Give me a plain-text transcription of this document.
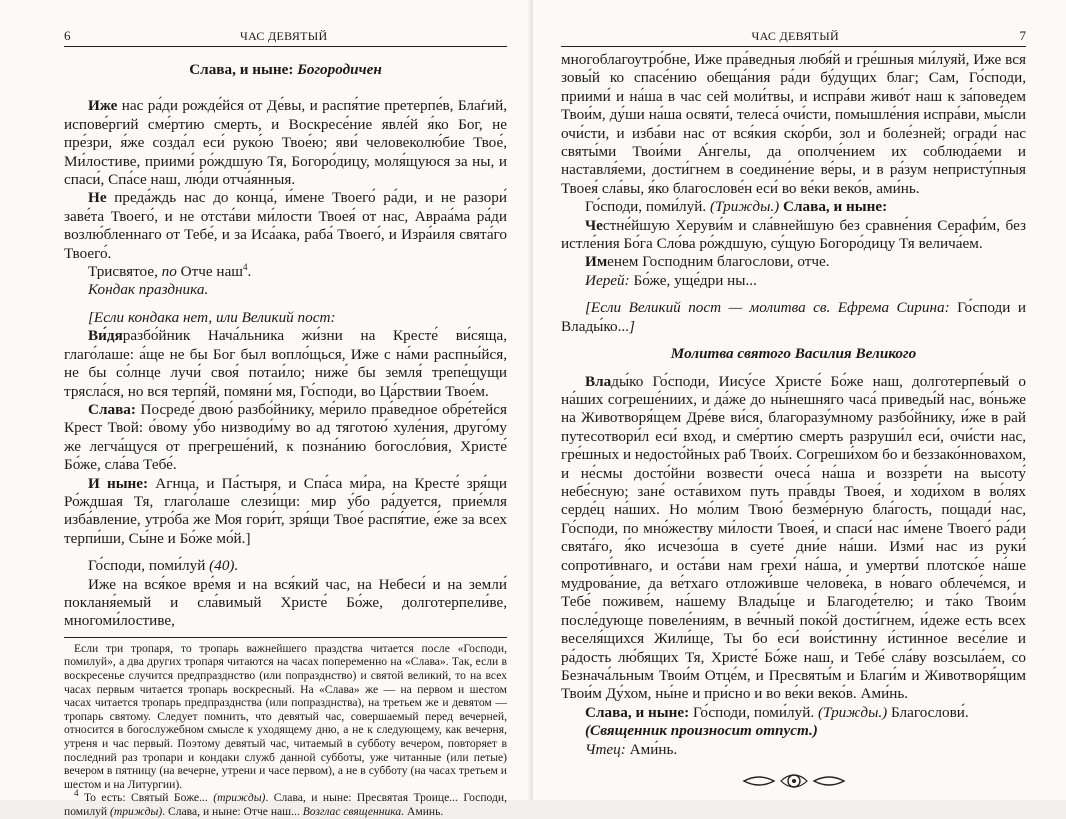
6	ЧАС ДЕВЯТЫЙ

Слава, и ныне: Богородичен

Иже нас ра́ди рожде́йся от Де́вы, и распя́тие претерпе́в, Блаѓий, испове́ргий сме́ртию смерть, и Воскресе́ние явле́й я́ко Бог, не пре́зри, я́же созда́л еси́ руко́ю Твое́ю; яви́ человеколю́бие Твое́, Ми́лостиве, приими́ ро́ждшую Тя, Богоро́дицу, моля́щуюся за ны, и спаси́, Спа́се наш, лю́ди отча́янныя.

Не преда́ждь нас до конца́, и́мене Твоего́ ра́ди, и не разори́ заве́та Твоего́, и не отста́ви ми́лости Твоея́ от нас, Авраа́ма ра́ди возлю́бленнаго от Тебе́, и за Иса́ака, раба́ Твоего́, и Изра́иля свята́го Твоего́.

Трисвятое, по Отче наш$^4$.

Кондак праздника.

[Если кондака нет, или Великий пост:

Ви́дяразбо́йник Нача́льника жи́зни на Кресте́ ви́сяща, глаго́лаше: а́ще не бы Бог был вопло́щься, Иже с на́ми распны́йся, не бы со́лнце лучи́ своя́ потаи́ло; ниже́ бы земля́ трепе́щущи трясла́ся, но вся терпя́й, помяни́ мя, Го́споди, во Ца́рствии Твое́м.

Слава: Посреде́ двою́ разбо́йнику, ме́рило пра́ведное обре́тейся Крест Твой: о́вому у́бо низводи́му во ад тяготою́ хуле́ния, друго́му же легча́щуся от прегреше́ний, к позна́нию богосло́вия, Христе́ Бо́же, сла́ва Тебе́.

И ныне: Агнца, и Па́стыря, и Спа́са ми́ра, на Кресте́ зря́щи Ро́ждшая Тя, глаго́лаше слези́щи: мир у́бо ра́дуется, прие́мля изба́вление, утро́ба же Моя гори́т, зря́щи Твое́ распя́тие, е́же за всех терпи́ши, Сы́не и Бо́же мо́й.]

Го́споди, поми́луй (40).

Иже на вся́кое вре́мя и на вся́кий час, на Небеси́ и на земли́ покланя́емый и сла́вимый Христе́ Бо́же, долготерпели́ве, многоми́лостиве,

Если три тропаря, то тропарь важнейшего праздства читается после «Господи, помилуй», а два других тропаря читаются на часах попеременно на «Слава». Так, если в воскресенье случится предпразднство (или попразднство) и святой великий, то на всех часах первым читается тропарь воскресный. На «Слава» же — на первом и шестом часах читается тропарь предпразднства (или попразднства), на третьем же и девятом — тропарь святому. Следует помнить, что девятый час, совершаемый перед вечерней, относится в богослужебном смысле к уходящему дню, а не к следующему, как вечерня, утреня и час первый. Поэтому девятый час, читаемый в субботу вечером, повторяет в последний раз тропари и кондаки служб данной субботы, уже читанные (или петые) вечером в пятницу (на вечерне, утрени и часе первом), а не в субботу (на часах третьем и шестом и на Литургии).

$^4$ То есть: Святый Боже... (трижды). Слава, и ныне: Пресвятая Троице... Господи, помилуй (трижды). Слава, и ныне: Отче наш... Возглас священника. Аминь.

ЧАС ДЕВЯТЫЙ	7

многоблагоутро́бне, Иже пра́ведныя любя́й и гре́шныя ми́луяй, Иже вся зовы́й ко спасе́нию обеща́ния ра́ди бу́дущих благ; Сам, Го́споди, приими́ и на́ша в час сей моли́твы, и испра́ви живо́т наш к за́поведем Твои́м, ду́ши на́ша освяти́, телеса́ очи́сти, помышле́ния испра́ви, мы́сли очи́сти, и изба́ви нас от вся́кия ско́рби, зол и боле́зней; огради́ нас святы́ми Твои́ми А́нгелы, да ополче́нием их соблюда́еми и наставля́еми, дости́гнем в соедине́ние ве́ры, и в ра́зум непристу́пныя Твоея́ сла́вы, я́ко благослове́н еси́ во ве́ки веко́в, ами́нь.

Го́споди, поми́луй. (Трижды.) Слава, и ныне:

Честне́йшую Херуви́м и сла́внейшую без сравне́ния Серафи́м, без истле́ния Бо́га Сло́ва ро́ждшую, су́щую Богоро́дицу Тя велича́ем.

Именем Господним благослови, отче.

Иерей: Бо́же, уще́дри ны...

[Если Великий пост — молитва св. Ефрема Сирина: Го́споди и Влады́ко...]

Молитва святого Василия Великого

Влады́ко Го́споди, Иису́се Христе́ Бо́же наш, долготерпе́вый о на́ших согреше́ниих, и да́же до ны́нешняго часа́ приведы́й нас, во́ньже на Животворя́щем Дре́ве ви́ся, благоразу́мному разбо́йнику, и́же в рай путесотвори́л еси́ вход, и сме́ртию смерть разруши́л еси́, очи́сти нас, гре́шных и недосто́йных раб Твои́х. Согреши́хом бо и беззако́нновахом, и не́смы досто́йни возвести́ очеса́ на́ша и воззре́ти на высоту́ небе́сную; зане́ оста́вихом путь пра́вды Твоея́, и ходи́хом в во́лях серде́ц на́ших. Но мо́лим Твою́ безме́рную бла́гость, пощади́ нас, Го́споди, по мно́жеству ми́лости Твоея́, и спаси́ нас и́мене Твоего́ ра́ди свята́го, я́ко исчезо́ша в суете́ дни́е на́ши. Изми́ нас из руки́ сопроти́внаго, и оста́ви нам грехи́ на́ша, и умертви́ плотско́е на́ше мудрова́ние, да ве́тхаго отложи́вше челове́ка, в но́ваго облече́мся, и Тебе́ поживе́м, на́шему Влады́це и Благоде́телю; и та́ко Твои́м после́дующе повеле́ниям, в ве́чный поко́й дости́гнем, и́деже есть всех веселя́щихся Жили́ще, Ты бо еси́ вои́стинну и́стинное весе́лие и ра́дость лю́бящих Тя, Христе́ Бо́же наш, и Тебе́ сла́ву возсыла́ем, со Безнача́льным Твои́м Отце́м, и Пресвяты́м и Благи́м и Животворя́щим Твои́м Ду́хом, ны́не и при́сно и во ве́ки веко́в. Ами́нь.

Слава, и ныне: Го́споди, поми́луй. (Трижды.) Благослови́.

(Священник произносит отпуст.)

Чтец: Ами́нь.
